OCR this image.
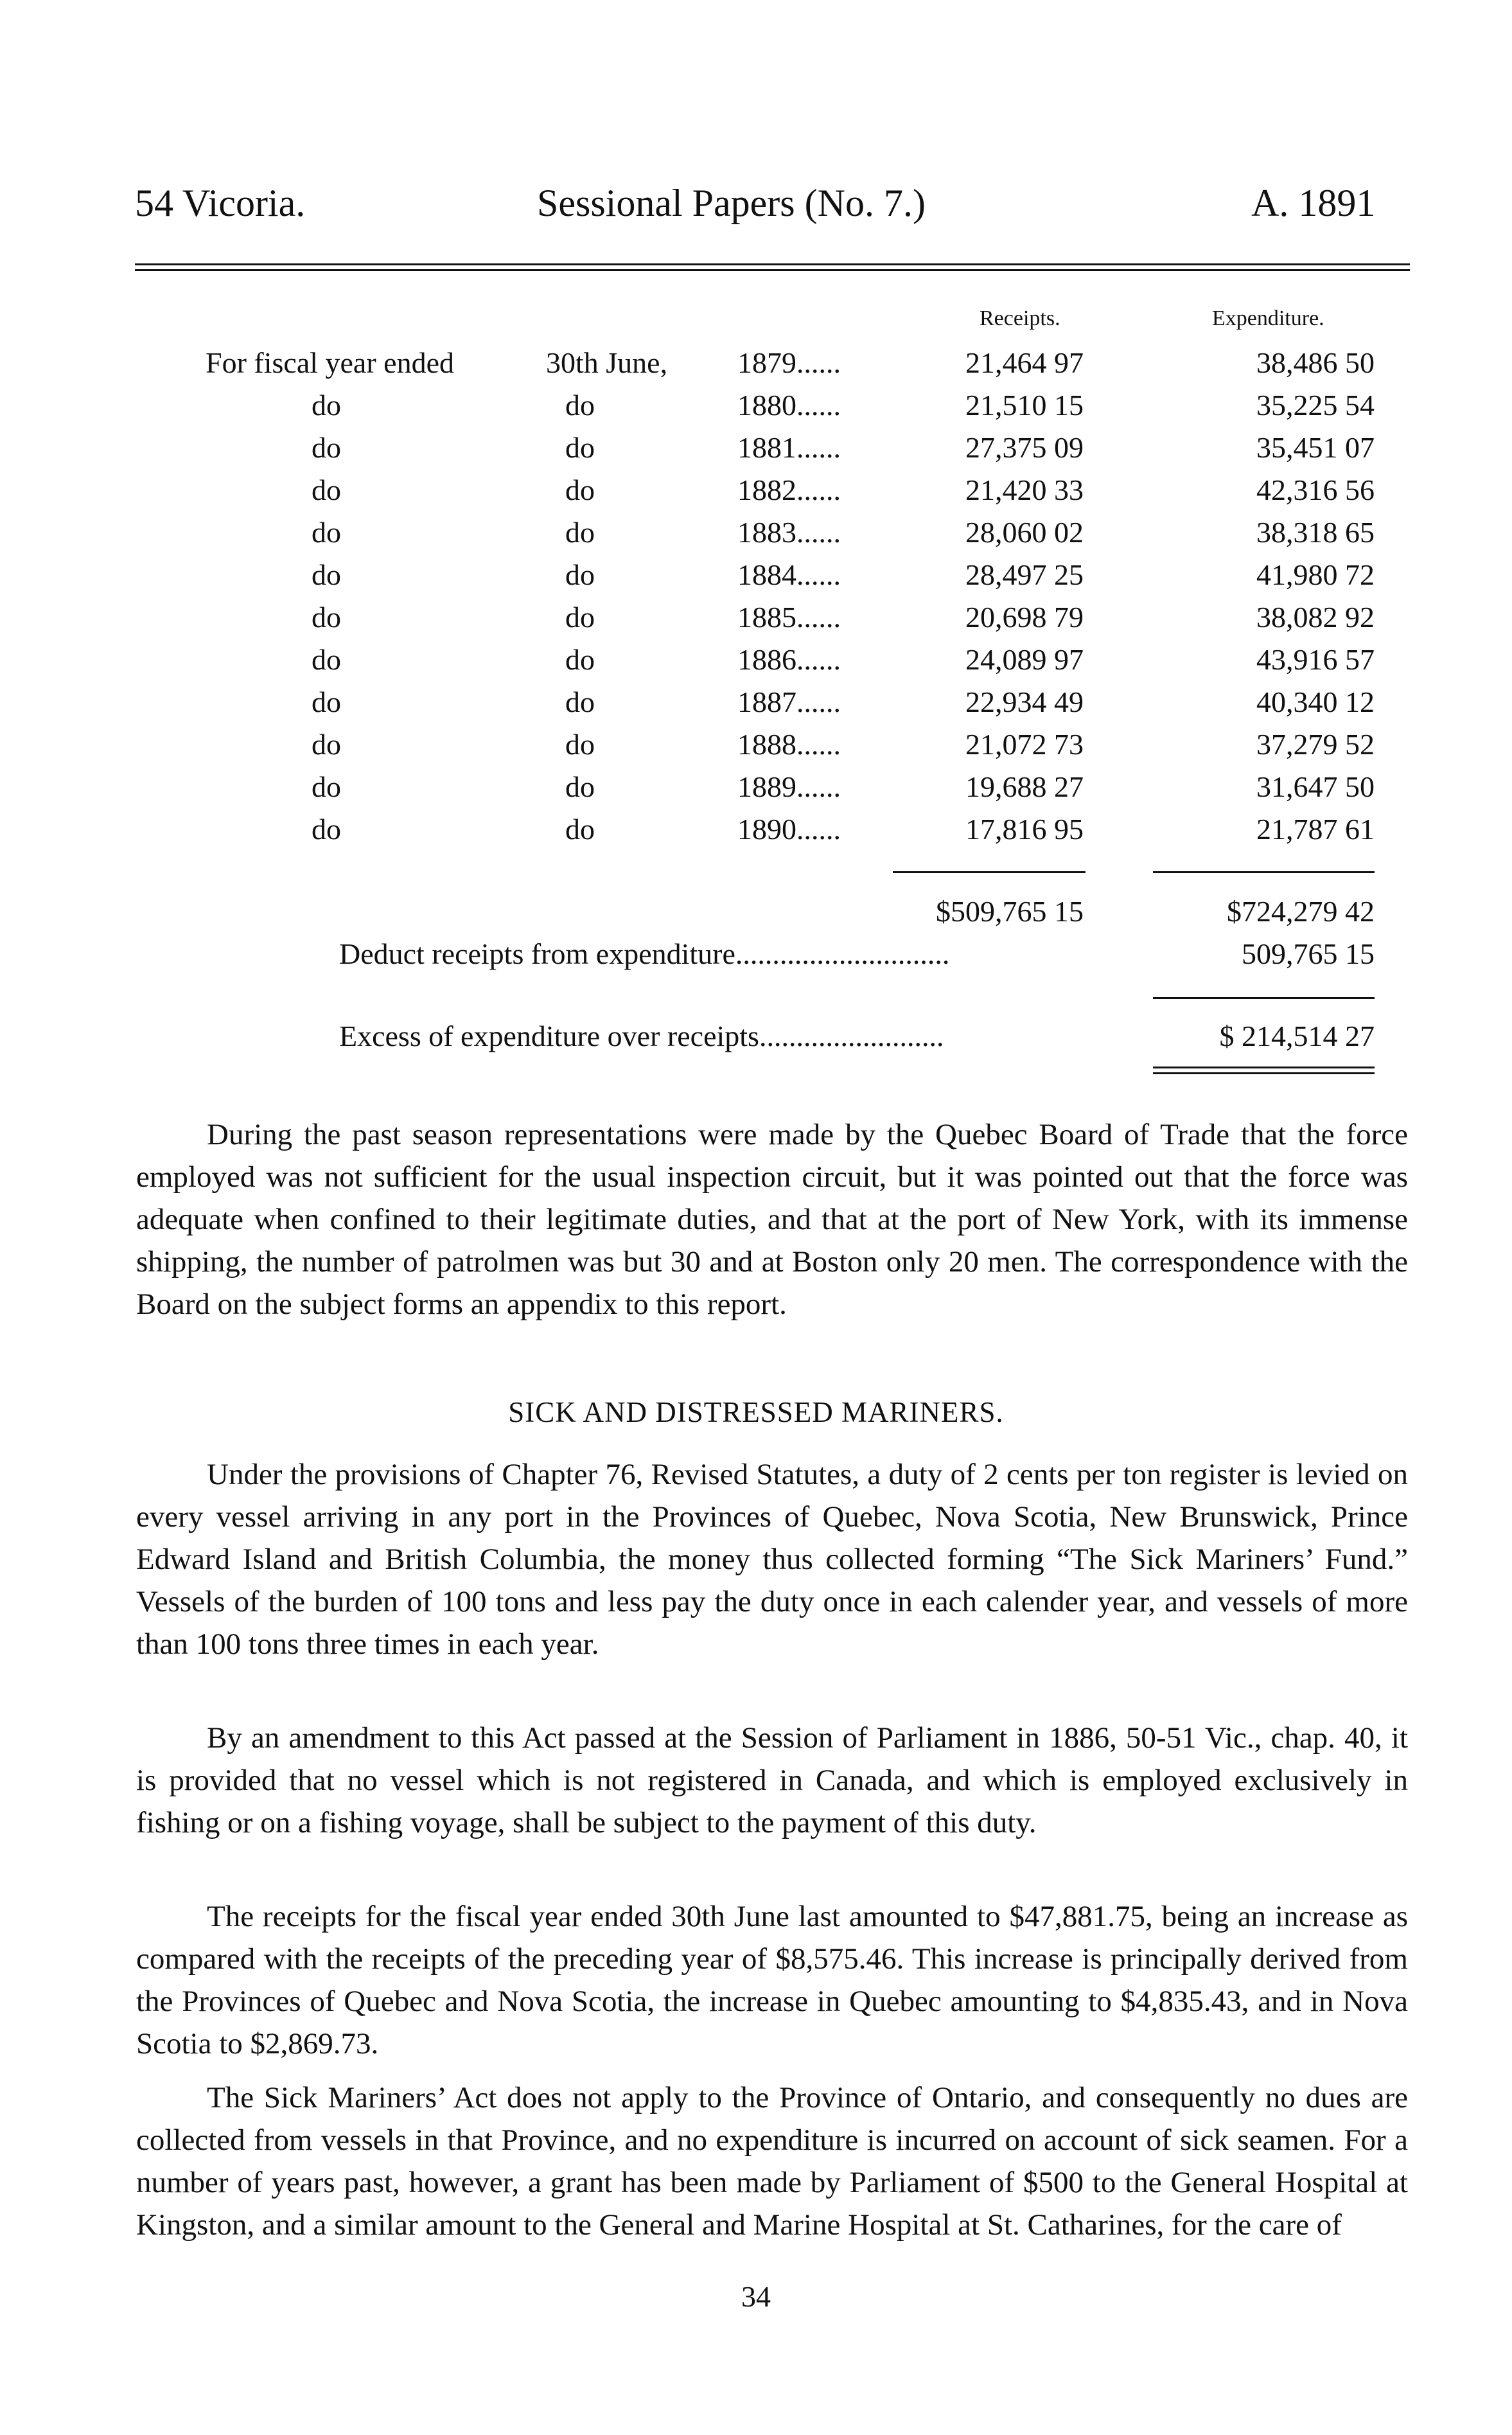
54 Vicoria.	Sessional Papers (No. 7.)	A. 1891
Receipts.	Expenditure.
For fiscal year ended	30th June, 1879......	21,464 97	38,486 50
do	do	1880......	21,510 15	35,225 54
do	do	1881......	27,375 09	35,451 07
do	do	1882......	21,420 33	42,316 56
do	do	1883......	28,060 02	38,318 65
do	do	1884......	28,497 25	41,980 72
do	do	1885......	20,698 79	38,082 92
do	do	1886......	24,089 97	43,916 57
do	do	1887......	22,934 49	40,340 12
do	do	1888......	21,072 73	37,279 52
do	do	1889......	19,688 27	31,647 50
do	do	1890......	17,816 95	21,787 61
$509,765 15	$724,279 42
Deduct receipts from expenditure.............................	509,765 15
Excess of expenditure over receipts.........................	$ 214,514 27

During the past season representations were made by the Quebec Board of Trade that the force employed was not sufficient for the usual inspection circuit, but it was pointed out that the force was adequate when confined to their legitimate duties, and that at the port of New York, with its immense shipping, the number of patrolmen was but 30 and at Boston only 20 men. The correspondence with the Board on the subject forms an appendix to this report.

SICK AND DISTRESSED MARINERS.

Under the provisions of Chapter 76, Revised Statutes, a duty of 2 cents per ton register is levied on every vessel arriving in any port in the Provinces of Quebec, Nova Scotia, New Brunswick, Prince Edward Island and British Columbia, the money thus collected forming “The Sick Mariners’ Fund.” Vessels of the burden of 100 tons and less pay the duty once in each calender year, and vessels of more than 100 tons three times in each year.

By an amendment to this Act passed at the Session of Parliament in 1886, 50-51 Vic., chap. 40, it is provided that no vessel which is not registered in Canada, and which is employed exclusively in fishing or on a fishing voyage, shall be subject to the payment of this duty.

The receipts for the fiscal year ended 30th June last amounted to $47,881.75, being an increase as compared with the receipts of the preceding year of $8,575.46. This increase is principally derived from the Provinces of Quebec and Nova Scotia, the increase in Quebec amounting to $4,835.43, and in Nova Scotia to $2,869.73.

The Sick Mariners’ Act does not apply to the Province of Ontario, and consequently no dues are collected from vessels in that Province, and no expenditure is incurred on account of sick seamen. For a number of years past, however, a grant has been made by Parliament of $500 to the General Hospital at Kingston, and a similar amount to the General and Marine Hospital at St. Catharines, for the care of

34
